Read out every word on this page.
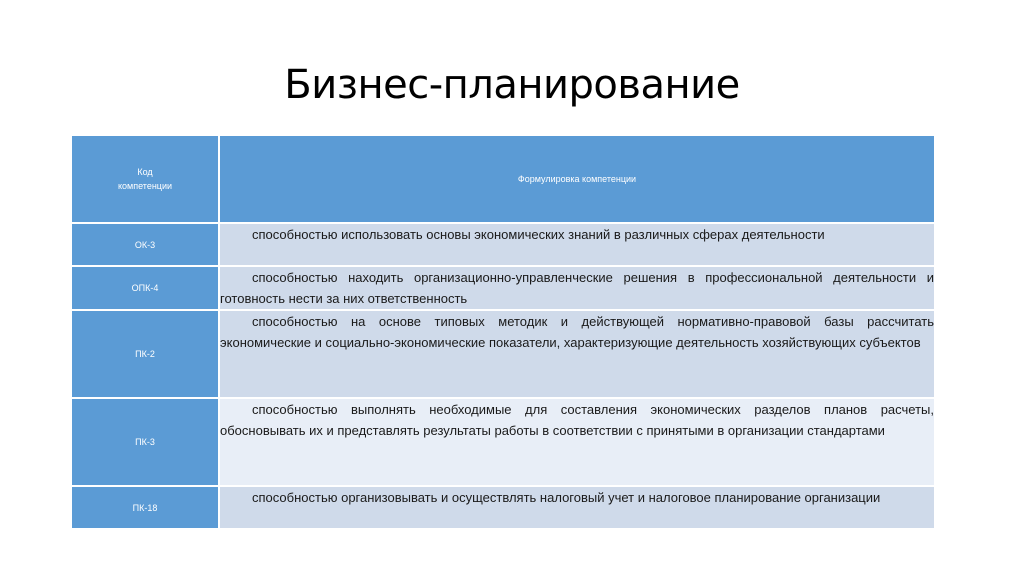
Бизнес-планирование
Код компетенции	Формулировка компетенции
ОК-3	способностью использовать основы экономических знаний в различных сферах деятельности

ОПК-4	способностью находить организационно-управленческие решения в профессиональной деятельности и готовность нести за них ответственность

ПК-2	способностью на основе типовых методик и действующей нормативно-правовой базы рассчитать экономические и социально-экономические показатели, характеризующие деятельность хозяйствующих субъектов

ПК-3	способностью выполнять необходимые для составления экономических разделов планов расчеты, обосновывать их и представлять результаты работы в соответствии с принятыми в организации стандартами

ПК-18	способностью организовывать и осуществлять налоговый учет и налоговое планирование организации
